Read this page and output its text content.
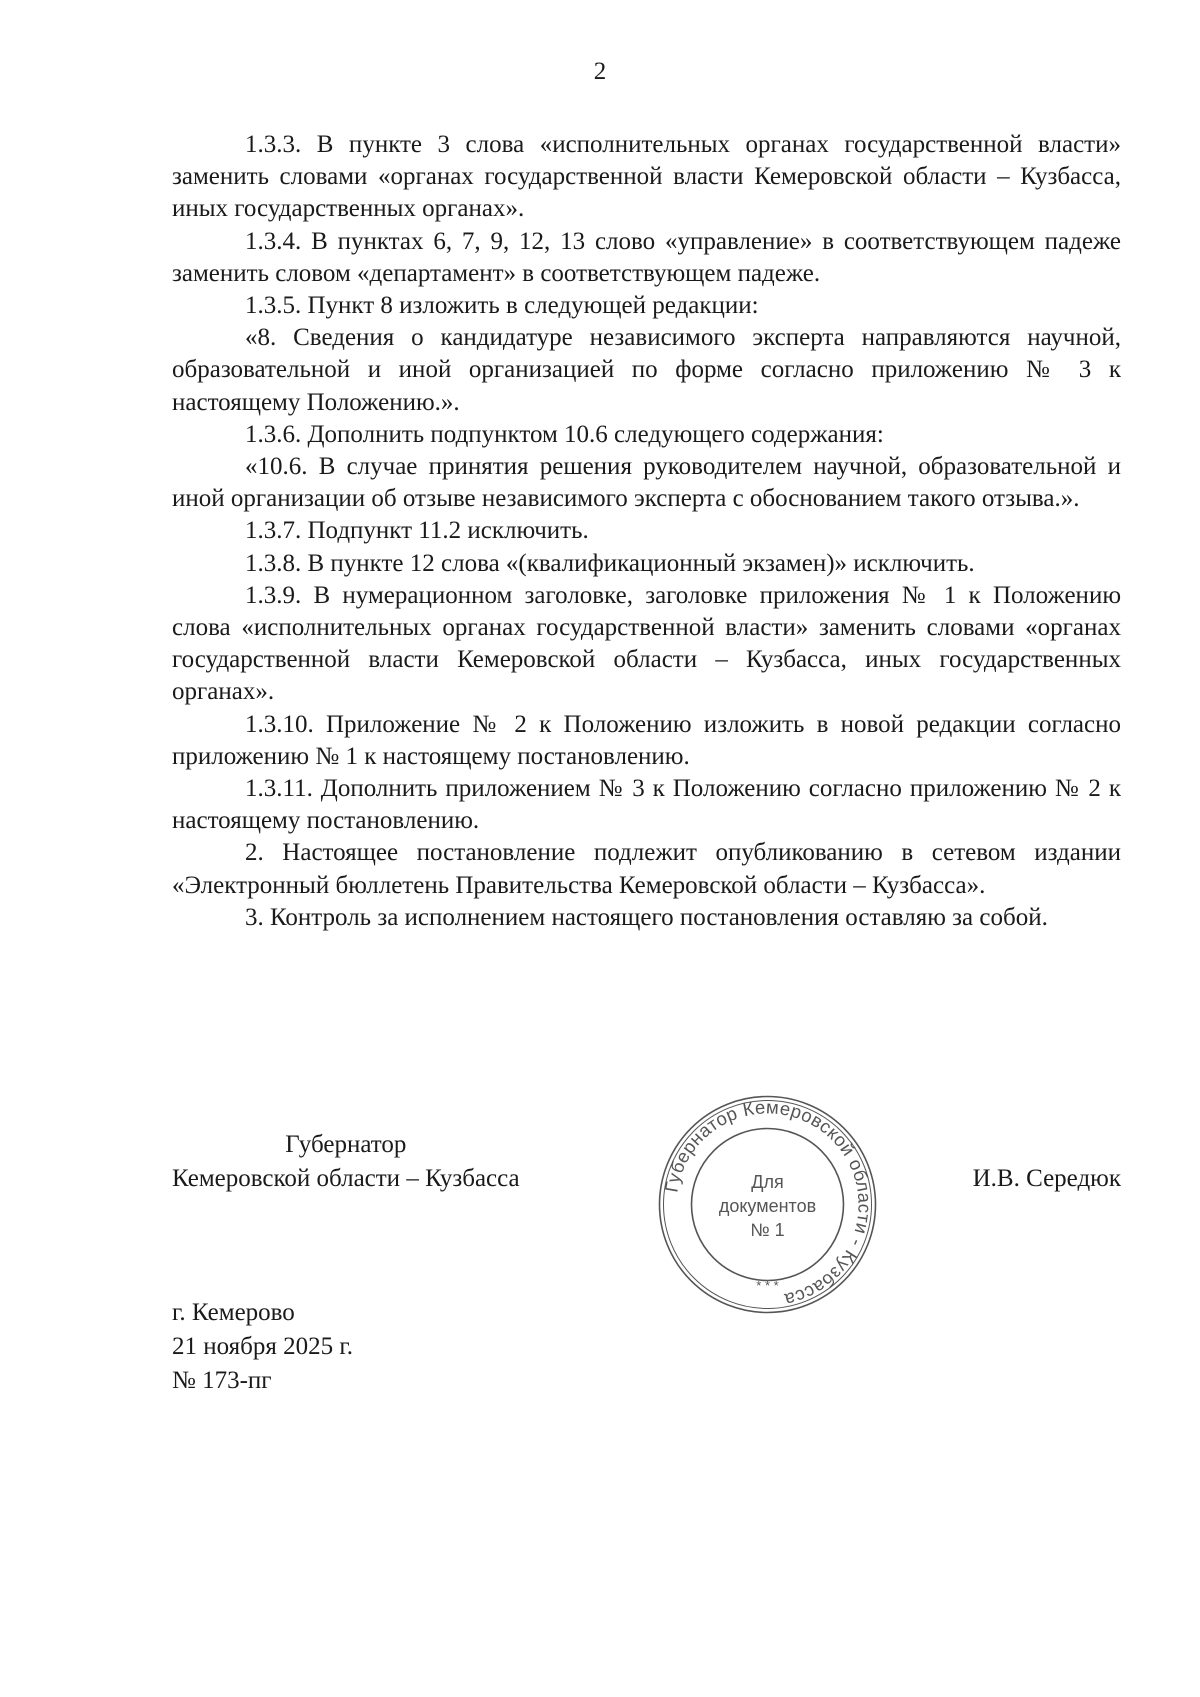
2

1.3.3. В пункте 3 слова «исполнительных органах государственной власти» заменить словами «органах государственной власти Кемеровской области – Кузбасса, иных государственных органах».

1.3.4. В пунктах 6, 7, 9, 12, 13 слово «управление» в соответствующем падеже заменить словом «департамент» в соответствующем падеже.

1.3.5. Пункт 8 изложить в следующей редакции:

«8. Сведения о кандидатуре независимого эксперта направляются научной, образовательной и иной организацией по форме согласно приложению № 3 к настоящему Положению.».

1.3.6. Дополнить подпунктом 10.6 следующего содержания:

«10.6. В случае принятия решения руководителем научной, образовательной и иной организации об отзыве независимого эксперта с обоснованием такого отзыва.».

1.3.7. Подпункт 11.2 исключить.

1.3.8. В пункте 12 слова «(квалификационный экзамен)» исключить.

1.3.9. В нумерационном заголовке, заголовке приложения № 1 к Положению слова «исполнительных органах государственной власти» заменить словами «органах государственной власти Кемеровской области – Кузбасса, иных государственных органах».

1.3.10. Приложение № 2 к Положению изложить в новой редакции согласно приложению № 1 к настоящему постановлению.

1.3.11. Дополнить приложением № 3 к Положению согласно приложению № 2 к настоящему постановлению.

2. Настоящее постановление подлежит опубликованию в сетевом издании «Электронный бюллетень Правительства Кемеровской области – Кузбасса».

3. Контроль за исполнением настоящего постановления оставляю за собой.

Губернатор
Кемеровской области – Кузбасса	Губернатор Кемеровской области - Кузбасса
Для
документов
№ 1
* * *
И.В. Середюк
г. Кемерово
21 ноября 2025 г.
№ 173-пг
